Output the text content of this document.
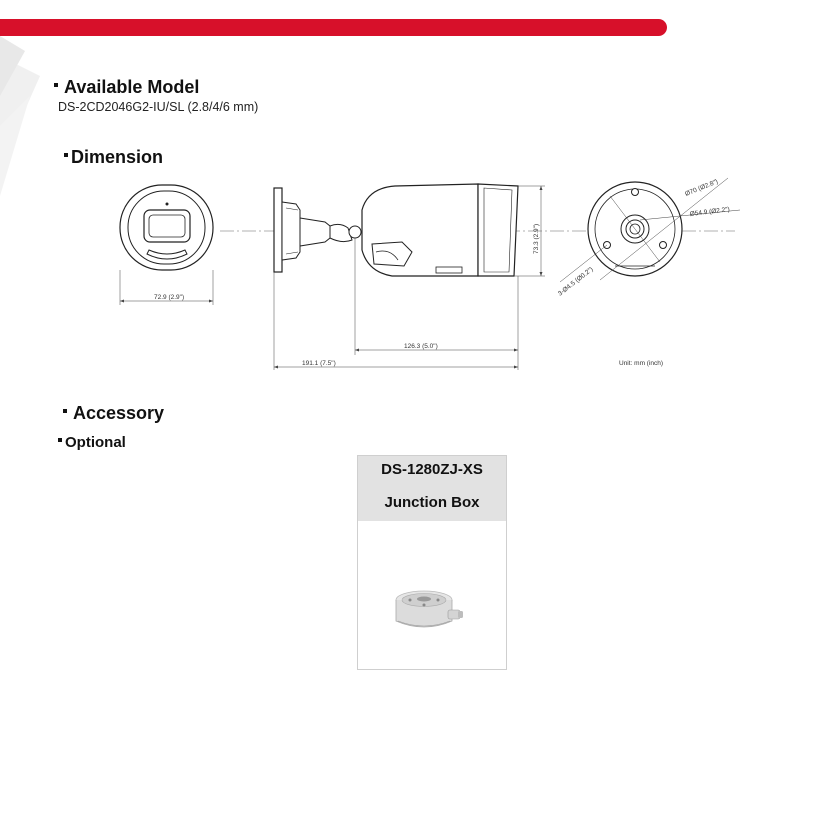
Available Model
DS-2CD2046G2-IU/SL (2.8/4/6 mm)
Dimension
72.9 (2.9")
73.3 (2.9")
126.3 (5.0")
191.1 (7.5")
Ø70 (Ø2.8")
Ø54.9 (Ø2.2")
3-Ø4.5 (Ø0.2")
Unit: mm (inch)
Accessory
Optional
DS-1280ZJ-XS
Junction Box
